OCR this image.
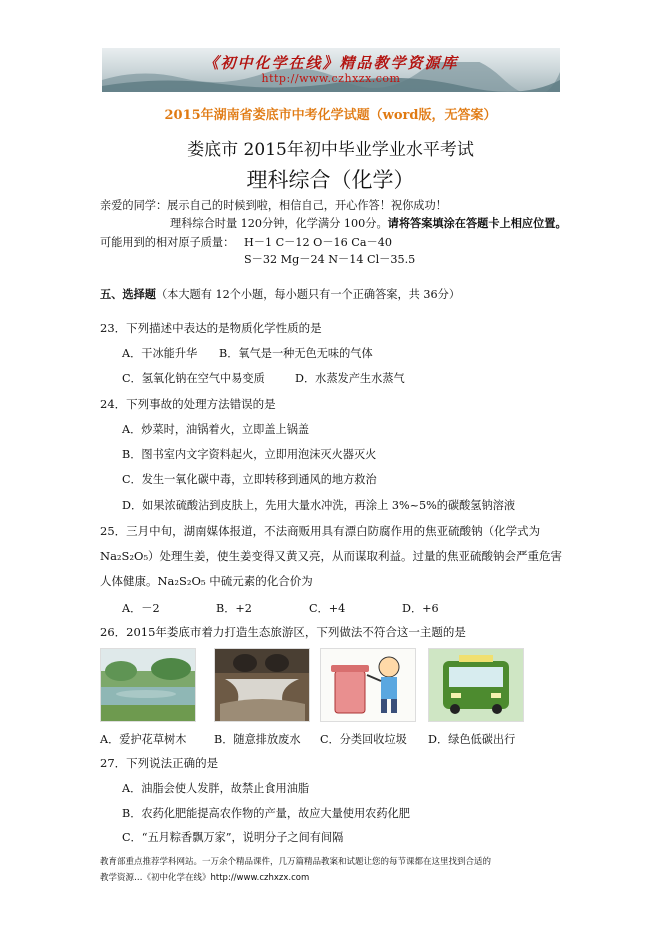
《初中化学在线》精品教学资源库
http://www.czhxzx.com
2015年湖南省娄底市中考化学试题（word版，无答案）
娄底市 2015年初中毕业学业水平考试
理科综合（化学）
亲爱的同学：展示自己的时候到啦，相信自己，开心作答！祝你成功！
理科综合时量 120分钟，化学满分 100分。请将答案填涂在答题卡上相应位置。
可能用到的相对原子质量： H－1 C－12 O－16 Ca－40
S－32 Mg－24 N－14 Cl－35.5
五、选择题（本大题有 12个小题，每小题只有一个正确答案，共 36分）
23．下列描述中表达的是物质化学性质的是
A．干冰能升华 B．氧气是一种无色无味的气体
C．氢氧化钠在空气中易变质	D．水蒸发产生水蒸气
24．下列事故的处理方法错误的是
A．炒菜时，油锅着火，立即盖上锅盖
B．图书室内文字资料起火，立即用泡沫灭火器灭火
C．发生一氧化碳中毒，立即转移到通风的地方救治
D．如果浓硫酸沾到皮肤上，先用大量水冲洗，再涂上 3%~5%的碳酸氢钠溶液
25．三月中旬，湖南媒体报道，不法商贩用具有漂白防腐作用的焦亚硫酸钠（化学式为
Na₂S₂O₅）处理生姜，使生姜变得又黄又亮，从而谋取利益。过量的焦亚硫酸钠会严重危害
人体健康。Na₂S₂O₅ 中硫元素的化合价为
A．－2	B．+2	C．+4	D．+6
26．2015年娄底市着力打造生态旅游区，下列做法不符合这一主题的是
A．爱护花草树木 B．随意排放废水 C．分类回收垃圾 D．绿色低碳出行
27．下列说法正确的是
A．油脂会使人发胖，故禁止食用油脂
B．农药化肥能提高农作物的产量，故应大量使用农药化肥
C．“五月粽香飘万家”，说明分子之间有间隔
教育部重点推荐学科网站。一万余个精品课件，几万篇精品教案和试题让您的每节课都在这里找到合适的
教学资源…《初中化学在线》http://www.czhxzx.com
